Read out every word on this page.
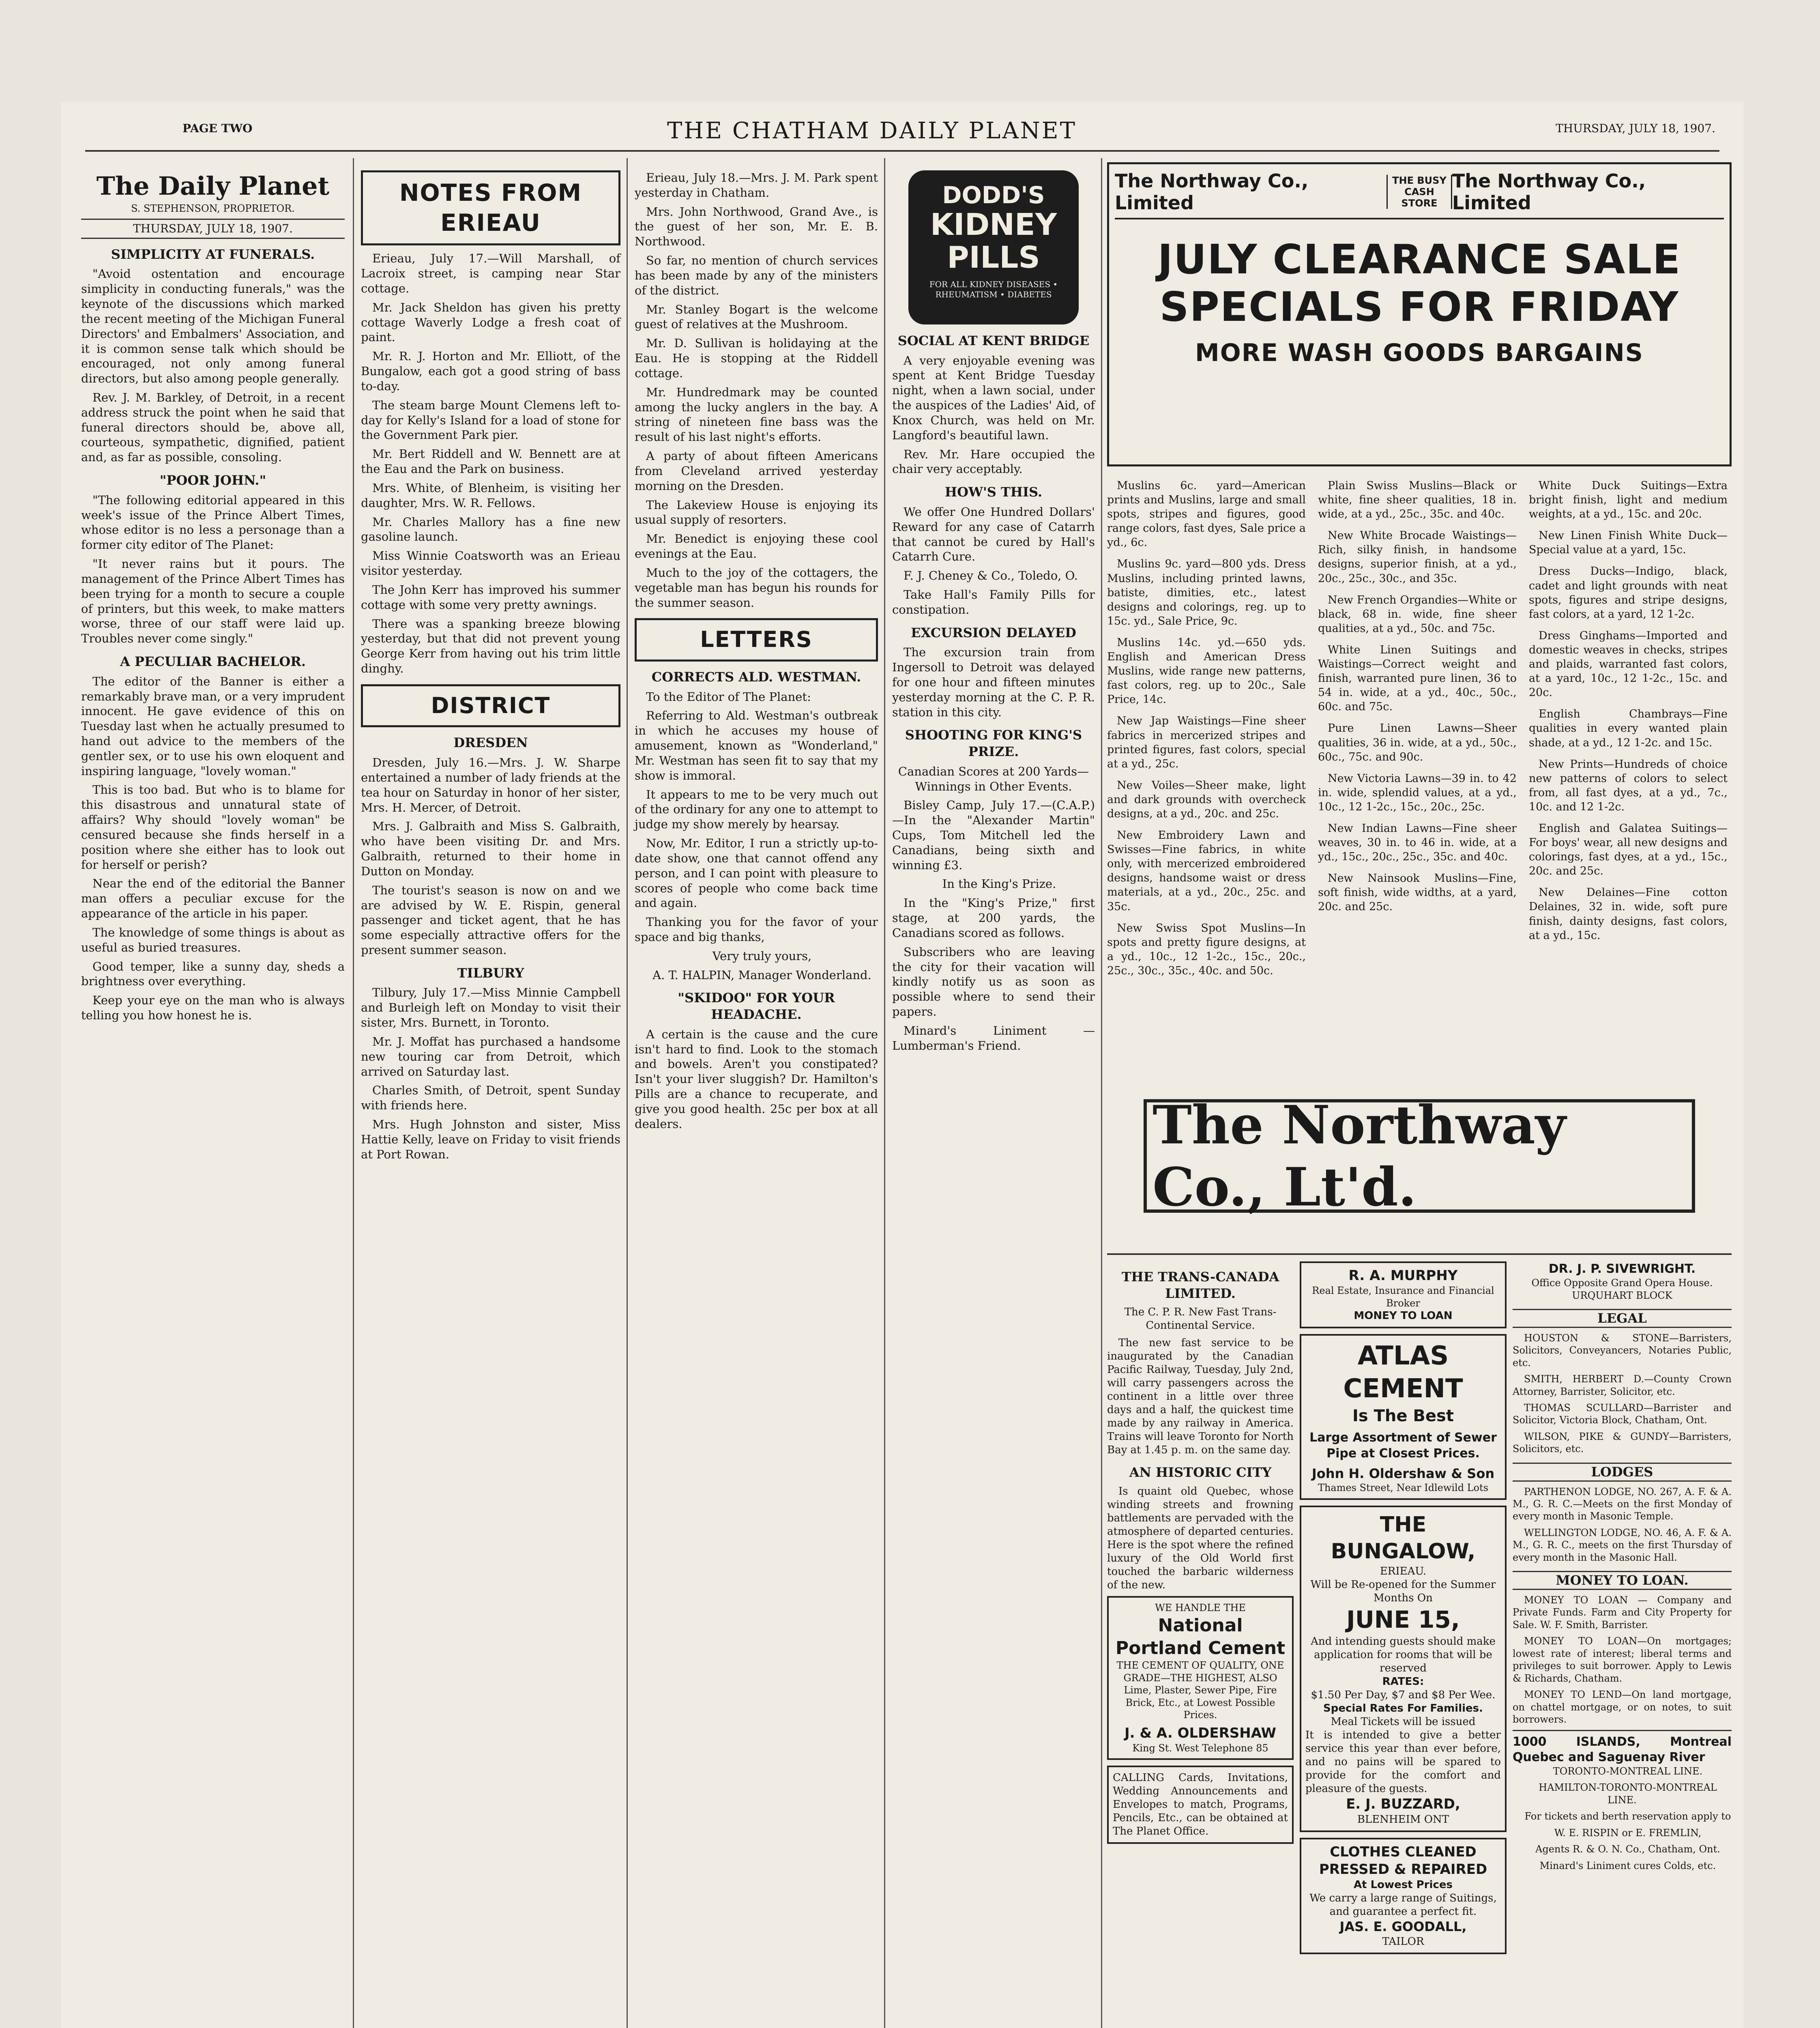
PAGE TWO	THE CHATHAM DAILY PLANET	THURSDAY, JULY 18, 1907.
The Daily Planet
S. STEPHENSON, PROPRIETOR.
THURSDAY, JULY 18, 1907.
SIMPLICITY AT FUNERALS.

"Avoid ostentation and encourage simplicity in conducting funerals," was the keynote of the discussions which marked the recent meeting of the Michigan Funeral Directors' and Embalmers' Association, and it is common sense talk which should be encouraged, not only among funeral directors, but also among people generally.

Rev. J. M. Barkley, of Detroit, in a recent address struck the point when he said that funeral directors should be, above all, courteous, sympathetic, dignified, patient and, as far as possible, consoling.

"POOR JOHN."

"The following editorial appeared in this week's issue of the Prince Albert Times, whose editor is no less a personage than a former city editor of The Planet:

"It never rains but it pours. The management of the Prince Albert Times has been trying for a month to secure a couple of printers, but this week, to make matters worse, three of our staff were laid up. Troubles never come singly."

A PECULIAR BACHELOR.

The editor of the Banner is either a remarkably brave man, or a very imprudent innocent. He gave evidence of this on Tuesday last when he actually presumed to hand out advice to the members of the gentler sex, or to use his own eloquent and inspiring language, "lovely woman."

This is too bad. But who is to blame for this disastrous and unnatural state of affairs? Why should "lovely woman" be censured because she finds herself in a position where she either has to look out for herself or perish?

Near the end of the editorial the Banner man offers a peculiar excuse for the appearance of the article in his paper.

The knowledge of some things is about as useful as buried treasures.

Good temper, like a sunny day, sheds a brightness over everything.

Keep your eye on the man who is always telling you how honest he is.

NOTES FROM ERIEAU

Erieau, July 17.—Will Marshall, of Lacroix street, is camping near Star cottage.

Mr. Jack Sheldon has given his pretty cottage Waverly Lodge a fresh coat of paint.

Mr. R. J. Horton and Mr. Elliott, of the Bungalow, each got a good string of bass to-day.

The steam barge Mount Clemens left to-day for Kelly's Island for a load of stone for the Government Park pier.

Mr. Bert Riddell and W. Bennett are at the Eau and the Park on business.

Mrs. White, of Blenheim, is visiting her daughter, Mrs. W. R. Fellows.

Mr. Charles Mallory has a fine new gasoline launch.

Miss Winnie Coatsworth was an Erieau visitor yesterday.

The John Kerr has improved his summer cottage with some very pretty awnings.

There was a spanking breeze blowing yesterday, but that did not prevent young George Kerr from having out his trim little dinghy.

DISTRICT
DRESDEN

Dresden, July 16.—Mrs. J. W. Sharpe entertained a number of lady friends at the tea hour on Saturday in honor of her sister, Mrs. H. Mercer, of Detroit.

Mrs. J. Galbraith and Miss S. Galbraith, who have been visiting Dr. and Mrs. Galbraith, returned to their home in Dutton on Monday.

The tourist's season is now on and we are advised by W. E. Rispin, general passenger and ticket agent, that he has some especially attractive offers for the present summer season.

TILBURY

Tilbury, July 17.—Miss Minnie Campbell and Burleigh left on Monday to visit their sister, Mrs. Burnett, in Toronto.

Mr. J. Moffat has purchased a handsome new touring car from Detroit, which arrived on Saturday last.

Charles Smith, of Detroit, spent Sunday with friends here.

Mrs. Hugh Johnston and sister, Miss Hattie Kelly, leave on Friday to visit friends at Port Rowan.

Erieau, July 18.—Mrs. J. M. Park spent yesterday in Chatham.

Mrs. John Northwood, Grand Ave., is the guest of her son, Mr. E. B. Northwood.

So far, no mention of church services has been made by any of the ministers of the district.

Mr. Stanley Bogart is the welcome guest of relatives at the Mushroom.

Mr. D. Sullivan is holidaying at the Eau. He is stopping at the Riddell cottage.

Mr. Hundredmark may be counted among the lucky anglers in the bay. A string of nineteen fine bass was the result of his last night's efforts.

A party of about fifteen Americans from Cleveland arrived yesterday morning on the Dresden.

The Lakeview House is enjoying its usual supply of resorters.

Mr. Benedict is enjoying these cool evenings at the Eau.

Much to the joy of the cottagers, the vegetable man has begun his rounds for the summer season.

LETTERS
CORRECTS ALD. WESTMAN.

To the Editor of The Planet:

Referring to Ald. Westman's outbreak in which he accuses my house of amusement, known as "Wonderland," Mr. Westman has seen fit to say that my show is immoral.

It appears to me to be very much out of the ordinary for any one to attempt to judge my show merely by hearsay.

Now, Mr. Editor, I run a strictly up-to-date show, one that cannot offend any person, and I can point with pleasure to scores of people who come back time and again.

Thanking you for the favor of your space and big thanks,

Very truly yours,

A. T. HALPIN, Manager Wonderland.

"SKIDOO" FOR YOUR HEADACHE.

A certain is the cause and the cure isn't hard to find. Look to the stomach and bowels. Aren't you constipated? Isn't your liver sluggish? Dr. Hamilton's Pills are a chance to recuperate, and give you good health. 25c per box at all dealers.

DODD'S
KIDNEY
PILLS
FOR ALL KIDNEY DISEASES • RHEUMATISM • DIABETES
SOCIAL AT KENT BRIDGE

A very enjoyable evening was spent at Kent Bridge Tuesday night, when a lawn social, under the auspices of the Ladies' Aid, of Knox Church, was held on Mr. Langford's beautiful lawn.

Rev. Mr. Hare occupied the chair very acceptably.

HOW'S THIS.

We offer One Hundred Dollars' Reward for any case of Catarrh that cannot be cured by Hall's Catarrh Cure.

F. J. Cheney & Co., Toledo, O.

Take Hall's Family Pills for constipation.

EXCURSION DELAYED

The excursion train from Ingersoll to Detroit was delayed for one hour and fifteen minutes yesterday morning at the C. P. R. station in this city.

SHOOTING FOR KING'S PRIZE.

Canadian Scores at 200 Yards—Winnings in Other Events.

Bisley Camp, July 17.—(C.A.P.)—In the "Alexander Martin" Cups, Tom Mitchell led the Canadians, being sixth and winning £3.

In the King's Prize.

In the "King's Prize," first stage, at 200 yards, the Canadians scored as follows.

Subscribers who are leaving the city for their vacation will kindly notify us as soon as possible where to send their papers.

Minard's Liniment — Lumberman's Friend.

The Northway Co., Limited
THE BUSY CASH STORE
The Northway Co., Limited
JULY CLEARANCE SALE
SPECIALS FOR FRIDAY
MORE WASH GOODS BARGAINS

Muslins 6c. yard—American prints and Muslins, large and small spots, stripes and figures, good range colors, fast dyes, Sale price a yd., 6c.

Muslins 9c. yard—800 yds. Dress Muslins, including printed lawns, batiste, dimities, etc., latest designs and colorings, reg. up to 15c. yd., Sale Price, 9c.

Muslins 14c. yd.—650 yds. English and American Dress Muslins, wide range new patterns, fast colors, reg. up to 20c., Sale Price, 14c.

New Jap Waistings—Fine sheer fabrics in mercerized stripes and printed figures, fast colors, special at a yd., 25c.

New Voiles—Sheer make, light and dark grounds with overcheck designs, at a yd., 20c. and 25c.

New Embroidery Lawn and Swisses—Fine fabrics, in white only, with mercerized embroidered designs, handsome waist or dress materials, at a yd., 20c., 25c. and 35c.

New Swiss Spot Muslins—In spots and pretty figure designs, at a yd., 10c., 12 1-2c., 15c., 20c., 25c., 30c., 35c., 40c. and 50c.

Plain Swiss Muslins—Black or white, fine sheer qualities, 18 in. wide, at a yd., 25c., 35c. and 40c.

New White Brocade Waistings—Rich, silky finish, in handsome designs, superior finish, at a yd., 20c., 25c., 30c., and 35c.

New French Organdies—White or black, 68 in. wide, fine sheer qualities, at a yd., 50c. and 75c.

White Linen Suitings and Waistings—Correct weight and finish, warranted pure linen, 36 to 54 in. wide, at a yd., 40c., 50c., 60c. and 75c.

Pure Linen Lawns—Sheer qualities, 36 in. wide, at a yd., 50c., 60c., 75c. and 90c.

New Victoria Lawns—39 in. to 42 in. wide, splendid values, at a yd., 10c., 12 1-2c., 15c., 20c., 25c.

New Indian Lawns—Fine sheer weaves, 30 in. to 46 in. wide, at a yd., 15c., 20c., 25c., 35c. and 40c.

New Nainsook Muslins—Fine, soft finish, wide widths, at a yard, 20c. and 25c.

White Duck Suitings—Extra bright finish, light and medium weights, at a yd., 15c. and 20c.

New Linen Finish White Duck—Special value at a yard, 15c.

Dress Ducks—Indigo, black, cadet and light grounds with neat spots, figures and stripe designs, fast colors, at a yard, 12 1-2c.

Dress Ginghams—Imported and domestic weaves in checks, stripes and plaids, warranted fast colors, at a yard, 10c., 12 1-2c., 15c. and 20c.

English Chambrays—Fine qualities in every wanted plain shade, at a yd., 12 1-2c. and 15c.

New Prints—Hundreds of choice new patterns of colors to select from, all fast dyes, at a yd., 7c., 10c. and 12 1-2c.

English and Galatea Suitings—For boys' wear, all new designs and colorings, fast dyes, at a yd., 15c., 20c. and 25c.

New Delaines—Fine cotton Delaines, 32 in. wide, soft pure finish, dainty designs, fast colors, at a yd., 15c.

The Northway Co., Lt'd.
THE TRANS-CANADA LIMITED.

The C. P. R. New Fast Trans-Continental Service.

The new fast service to be inaugurated by the Canadian Pacific Railway, Tuesday, July 2nd, will carry passengers across the continent in a little over three days and a half, the quickest time made by any railway in America. Trains will leave Toronto for North Bay at 1.45 p. m. on the same day.

AN HISTORIC CITY

Is quaint old Quebec, whose winding streets and frowning battlements are pervaded with the atmosphere of departed centuries. Here is the spot where the refined luxury of the Old World first touched the barbaric wilderness of the new.

WE HANDLE THE
National Portland Cement
THE CEMENT OF QUALITY, ONE GRADE—THE HIGHEST, ALSO
Lime, Plaster, Sewer Pipe, Fire Brick, Etc., at Lowest Possible Prices.
J. & A. OLDERSHAW
King St. West Telephone 85
CALLING Cards, Invitations, Wedding Announcements and Envelopes to match, Programs, Pencils, Etc., can be obtained at The Planet Office.
R. A. MURPHY
Real Estate, Insurance and Financial Broker
MONEY TO LOAN
ATLAS CEMENT
Is The Best
Large Assortment of Sewer Pipe at Closest Prices.
John H. Oldershaw & Son
Thames Street, Near Idlewild Lots
THE BUNGALOW,
ERIEAU.
Will be Re-opened for the Summer Months On
JUNE 15,
And intending guests should make application for rooms that will be reserved
RATES:
$1.50 Per Day, $7 and $8 Per Wee.
Special Rates For Families.
Meal Tickets will be issued
It is intended to give a better service this year than ever before, and no pains will be spared to provide for the comfort and pleasure of the guests.
E. J. BUZZARD,
BLENHEIM ONT
CLOTHES CLEANED PRESSED & REPAIRED
At Lowest Prices
We carry a large range of Suitings, and guarantee a perfect fit.
JAS. E. GOODALL,
TAILOR
DR. J. P. SIVEWRIGHT.
Office Opposite Grand Opera House.
URQUHART BLOCK
LEGAL

HOUSTON & STONE—Barristers, Solicitors, Conveyancers, Notaries Public, etc.

SMITH, HERBERT D.—County Crown Attorney, Barrister, Solicitor, etc.

THOMAS SCULLARD—Barrister and Solicitor, Victoria Block, Chatham, Ont.

WILSON, PIKE & GUNDY—Barristers, Solicitors, etc.

LODGES

PARTHENON LODGE, NO. 267, A. F. & A. M., G. R. C.—Meets on the first Monday of every month in Masonic Temple.

WELLINGTON LODGE, NO. 46, A. F. & A. M., G. R. C., meets on the first Thursday of every month in the Masonic Hall.

MONEY TO LOAN.

MONEY TO LOAN — Company and Private Funds. Farm and City Property for Sale. W. F. Smith, Barrister.

MONEY TO LOAN—On mortgages; lowest rate of interest; liberal terms and privileges to suit borrower. Apply to Lewis & Richards, Chatham.

MONEY TO LEND—On land mortgage, on chattel mortgage, or on notes, to suit borrowers.

1000 ISLANDS, Montreal Quebec and Saguenay River

TORONTO-MONTREAL LINE.

HAMILTON-TORONTO-MONTREAL LINE.

For tickets and berth reservation apply to

W. E. RISPIN or E. FREMLIN,

Agents R. & O. N. Co., Chatham, Ont.

Minard's Liniment cures Colds, etc.
